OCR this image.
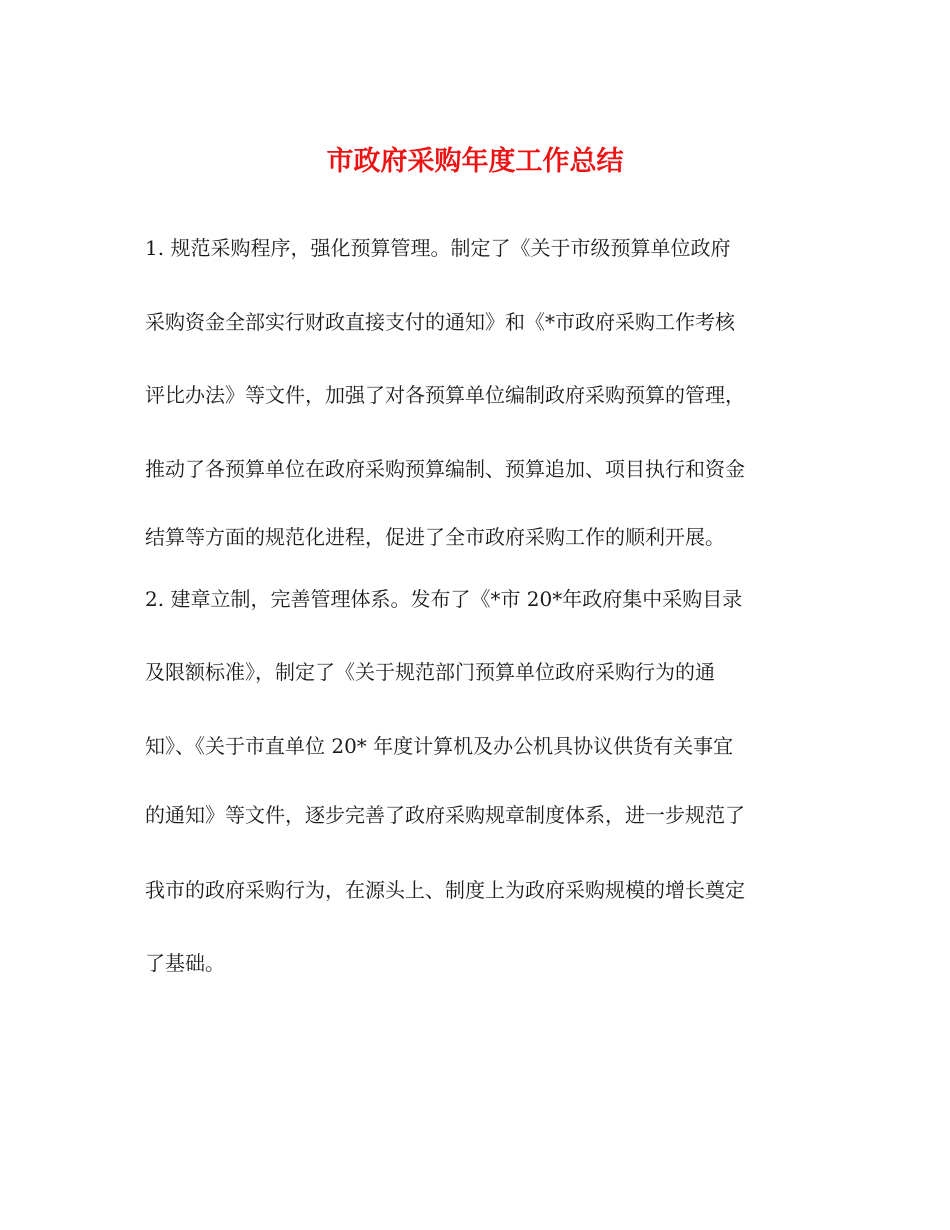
市政府采购年度工作总结

1. 规范采购程序，强化预算管理。制定了《关于市级预算单位政府

采购资金全部实行财政直接支付的通知》和《*市政府采购工作考核

评比办法》等文件，加强了对各预算单位编制政府采购预算的管理，

推动了各预算单位在政府采购预算编制、预算追加、项目执行和资金

结算等方面的规范化进程，促进了全市政府采购工作的顺利开展。

2. 建章立制，完善管理体系。发布了《*市 20*年政府集中采购目录

及限额标准》，制定了《关于规范部门预算单位政府采购行为的通

知》、《关于市直单位 20* 年度计算机及办公机具协议供货有关事宜

的通知》等文件，逐步完善了政府采购规章制度体系，进一步规范了

我市的政府采购行为，在源头上、制度上为政府采购规模的增长奠定

了基础。
